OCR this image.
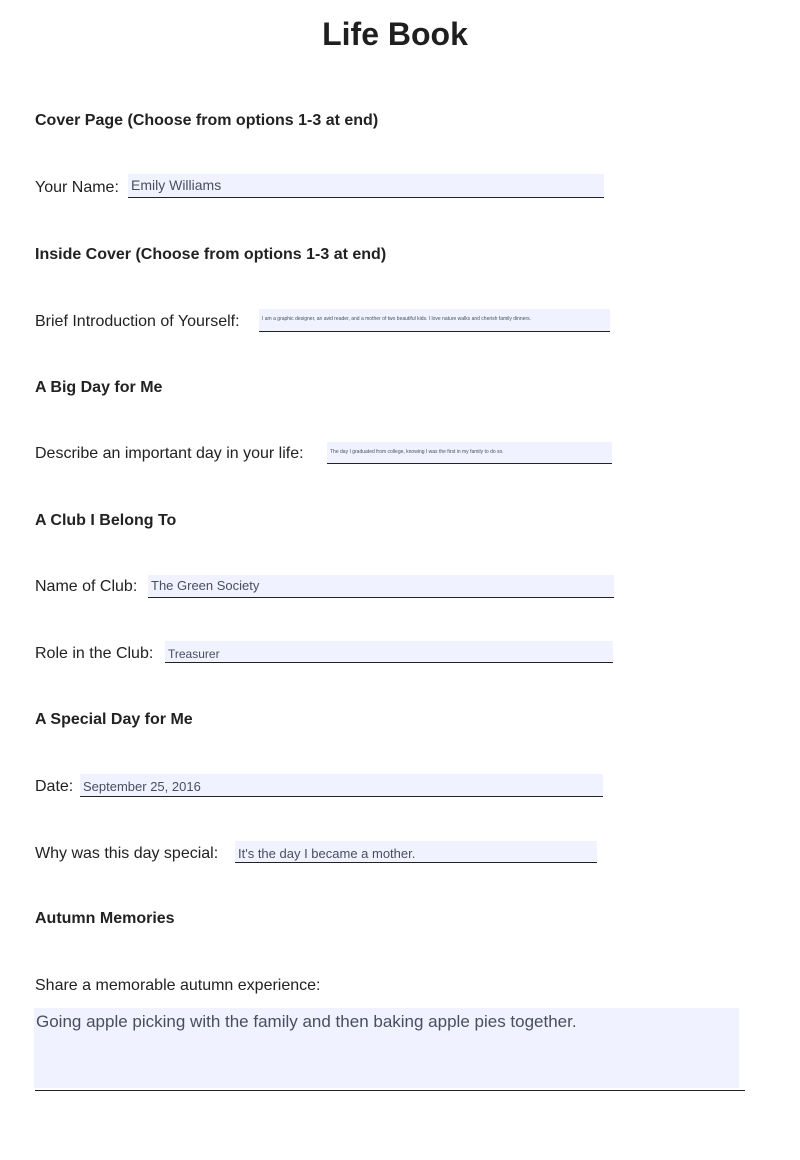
Life Book
Cover Page (Choose from options 1-3 at end)
Your Name: Emily Williams
Inside Cover (Choose from options 1-3 at end)
Brief Introduction of Yourself:	I am a graphic designer, an avid reader, and a mother of two beautiful kids. I love nature walks and cherish family dinners.
A Big Day for Me
Describe an important day in your life:	The day I graduated from college, knowing I was the first in my family to do so.
A Club I Belong To
Name of Club: The Green Society
Role in the Club: Treasurer
A Special Day for Me
Date: September 25, 2016
Why was this day special: It's the day I became a mother.
Autumn Memories
Share a memorable autumn experience:
Going apple picking with the family and then baking apple pies together.
